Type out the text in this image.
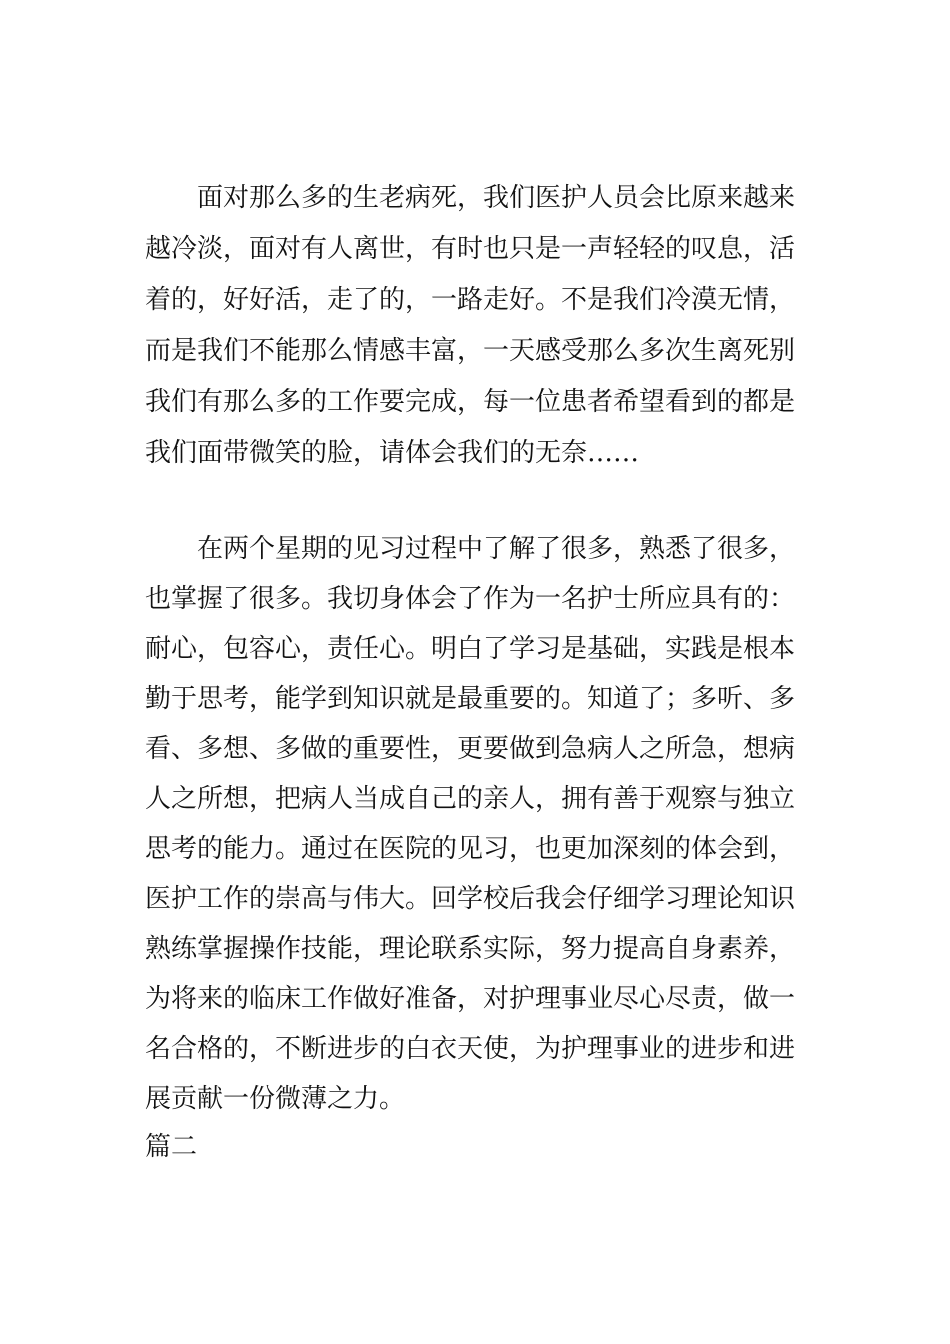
面对那么多的生老病死，我们医护人员会比原来越来
越冷淡，面对有人离世，有时也只是一声轻轻的叹息，活
着的，好好活，走了的，一路走好。不是我们冷漠无情，
而是我们不能那么情感丰富，一天感受那么多次生离死别
我们有那么多的工作要完成，每一位患者希望看到的都是
我们面带微笑的脸，请体会我们的无奈……
在两个星期的见习过程中了解了很多，熟悉了很多，
也掌握了很多。我切身体会了作为一名护士所应具有的：
耐心，包容心，责任心。明白了学习是基础，实践是根本
勤于思考，能学到知识就是最重要的。知道了；多听、多
看、多想、多做的重要性，更要做到急病人之所急，想病
人之所想，把病人当成自己的亲人，拥有善于观察与独立
思考的能力。通过在医院的见习，也更加深刻的体会到，
医护工作的崇高与伟大。回学校后我会仔细学习理论知识
熟练掌握操作技能，理论联系实际，努力提高自身素养，
为将来的临床工作做好准备，对护理事业尽心尽责，做一
名合格的，不断进步的白衣天使，为护理事业的进步和进
展贡献一份微薄之力。
篇二
